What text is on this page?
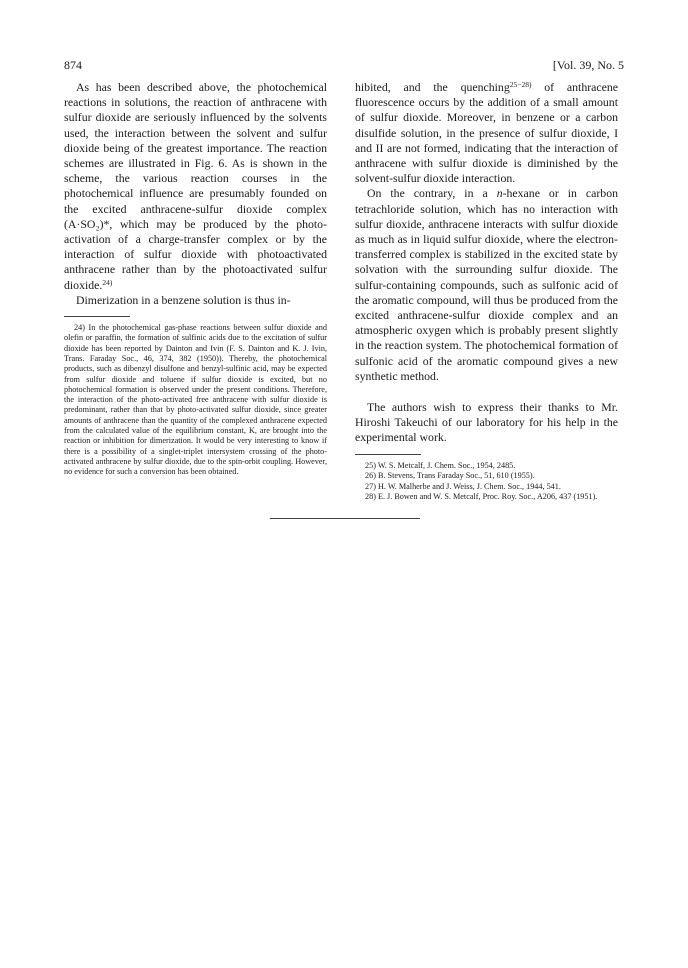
874	[Vol. 39, No. 5

As has been described above, the photochemical reactions in solutions, the reaction of anthracene with sulfur dioxide are seriously influenced by the solvents used, the interaction between the solvent and sulfur dioxide being of the greatest importance. The reaction schemes are illustrated in Fig. 6. As is shown in the scheme, the various reaction courses in the photochemical influence are presumably founded on the excited anthracene-sulfur dioxide complex (A·SO₂)*, which may be produced by the photo-activation of a charge-transfer complex or by the interaction of sulfur dioxide with photoactivated anthracene rather than by the photoactivated sulfur dioxide.$^{24)}$

Dimerization in a benzene solution is thus in-

24) In the photochemical gas-phase reactions between sulfur dioxide and olefin or paraffin, the formation of sulfinic acids due to the excitation of sulfur dioxide has been reported by Dainton and Ivin (F. S. Dainton and K. J. Ivin, Trans. Faraday Soc., 46, 374, 382 (1950)). Thereby, the photochemical products, such as dibenzyl disulfone and benzyl-sulfinic acid, may be expected from sulfur dioxide and toluene if sulfur dioxide is excited, but no photochemical formation is observed under the present conditions. Therefore, the interaction of the photo-activated free anthracene with sulfur dioxide is predominant, rather than that by photo-activated sulfur dioxide, since greater amounts of anthracene than the quantity of the complexed anthracene expected from the calculated value of the equilibrium constant, K, are brought into the reaction or inhibition for dimerization. It would be very interesting to know if there is a possibility of a singlet-triplet intersystem crossing of the photo-activated anthracene by sulfur dioxide, due to the spin-orbit coupling. However, no evidence for such a conversion has been obtained.

hibited, and the quenching$^{25-28)}$ of anthracene fluorescence occurs by the addition of a small amount of sulfur dioxide. Moreover, in benzene or a carbon disulfide solution, in the presence of sulfur dioxide, I and II are not formed, indicating that the interaction of anthracene with sulfur dioxide is diminished by the solvent-sulfur dioxide interaction.

On the contrary, in a n-hexane or in carbon tetrachloride solution, which has no interaction with sulfur dioxide, anthracene interacts with sulfur dioxide as much as in liquid sulfur dioxide, where the electron-transferred complex is stabilized in the excited state by solvation with the surrounding sulfur dioxide. The sulfur-containing compounds, such as sulfonic acid of the aromatic compound, will thus be produced from the excited anthracene-sulfur dioxide complex and an atmospheric oxygen which is probably present slightly in the reaction system. The photochemical formation of sulfonic acid of the aromatic compound gives a new synthetic method.

The authors wish to express their thanks to Mr. Hiroshi Takeuchi of our laboratory for his help in the experimental work.

25) W. S. Metcalf, J. Chem. Soc., 1954, 2485.
26) B. Stevens, Trans Faraday Soc., 51, 610 (1955).
27) H. W. Malherbe and J. Weiss, J. Chem. Soc., 1944, 541.
28) E. J. Bowen and W. S. Metcalf, Proc. Roy. Soc., A206, 437 (1951).
